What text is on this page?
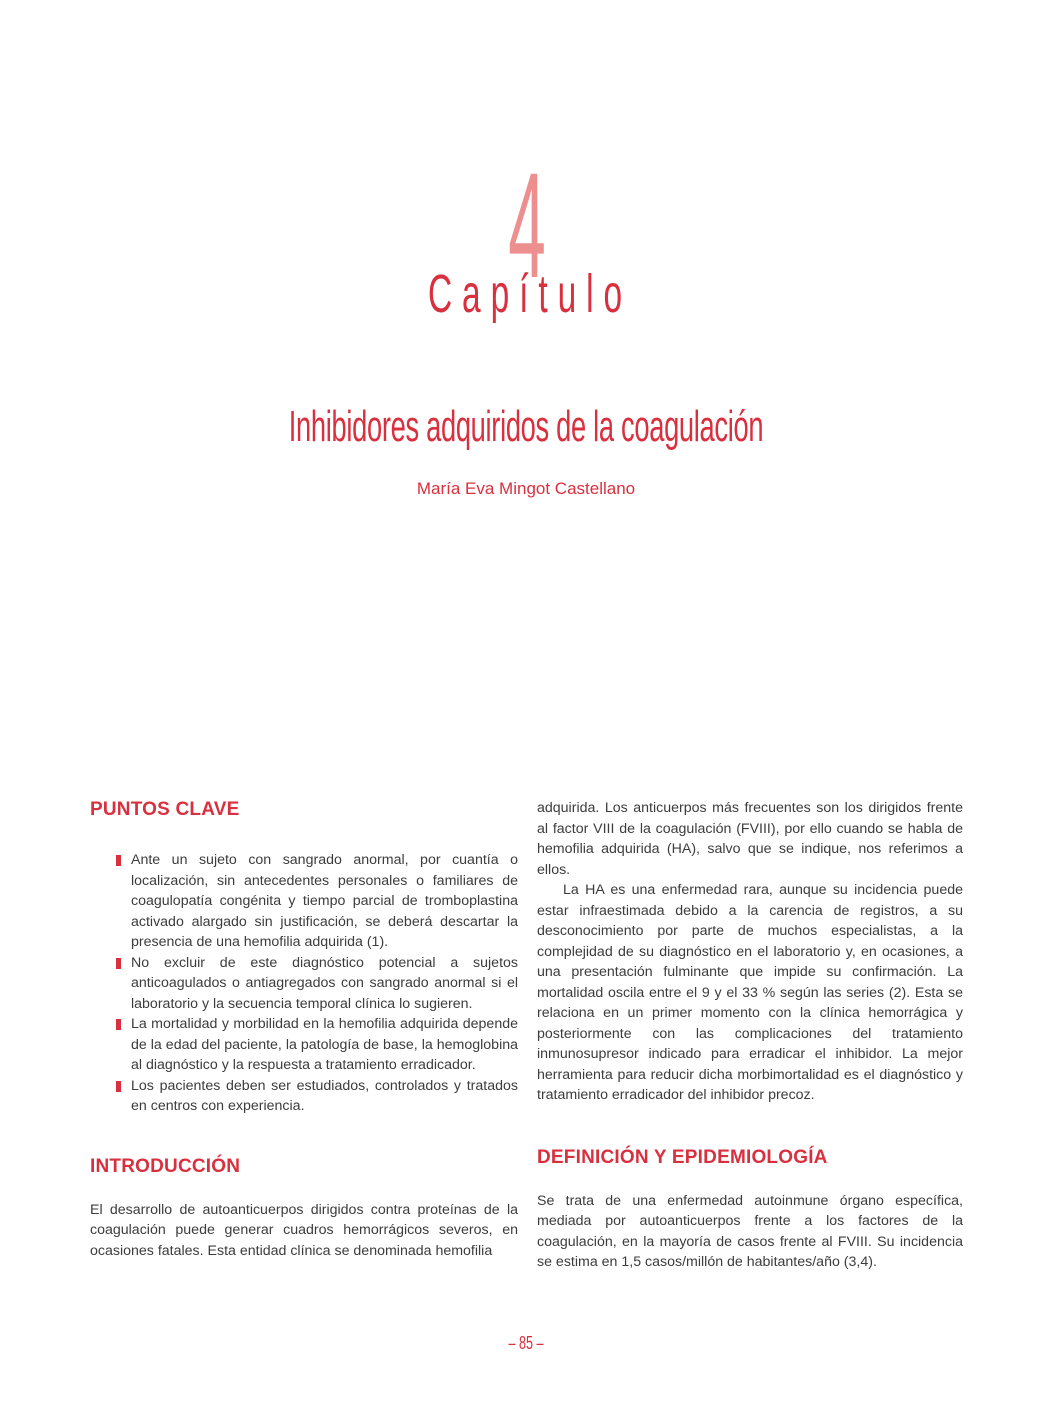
4
Capítulo
Inhibidores adquiridos de la coagulación
María Eva Mingot Castellano
PUNTOS CLAVE
Ante un sujeto con sangrado anormal, por cuantía o localización, sin antecedentes personales o familiares de coagulopatía congénita y tiempo parcial de tromboplastina activado alargado sin justificación, se deberá descartar la presencia de una hemofilia adquirida (1).
No excluir de este diagnóstico potencial a sujetos anticoagulados o antiagregados con sangrado anormal si el laboratorio y la secuencia temporal clínica lo sugieren.
La mortalidad y morbilidad en la hemofilia adquirida depende de la edad del paciente, la patología de base, la hemoglobina al diagnóstico y la respuesta a tratamiento erradicador.
Los pacientes deben ser estudiados, controlados y tratados en centros con experiencia.
INTRODUCCIÓN

El desarrollo de autoanticuerpos dirigidos contra proteínas de la coagulación puede generar cuadros hemorrágicos severos, en ocasiones fatales. Esta entidad clínica se denominada hemofilia

adquirida. Los anticuerpos más frecuentes son los dirigidos frente al factor VIII de la coagulación (FVIII), por ello cuando se habla de hemofilia adquirida (HA), salvo que se indique, nos referimos a ellos.

La HA es una enfermedad rara, aunque su incidencia puede estar infraestimada debido a la carencia de registros, a su desconocimiento por parte de muchos especialistas, a la complejidad de su diagnóstico en el laboratorio y, en ocasiones, a una presentación fulminante que impide su confirmación. La mortalidad oscila entre el 9 y el 33 % según las series (2). Esta se relaciona en un primer momento con la clínica hemorrágica y posteriormente con las complicaciones del tratamiento inmunosupresor indicado para erradicar el inhibidor. La mejor herramienta para reducir dicha morbimortalidad es el diagnóstico y tratamiento erradicador del inhibidor precoz.

DEFINICIÓN Y EPIDEMIOLOGÍA

Se trata de una enfermedad autoinmune órgano específica, mediada por autoanticuerpos frente a los factores de la coagulación, en la mayoría de casos frente al FVIII. Su incidencia se estima en 1,5 casos/millón de habitantes/año (3,4).

– 85 –
